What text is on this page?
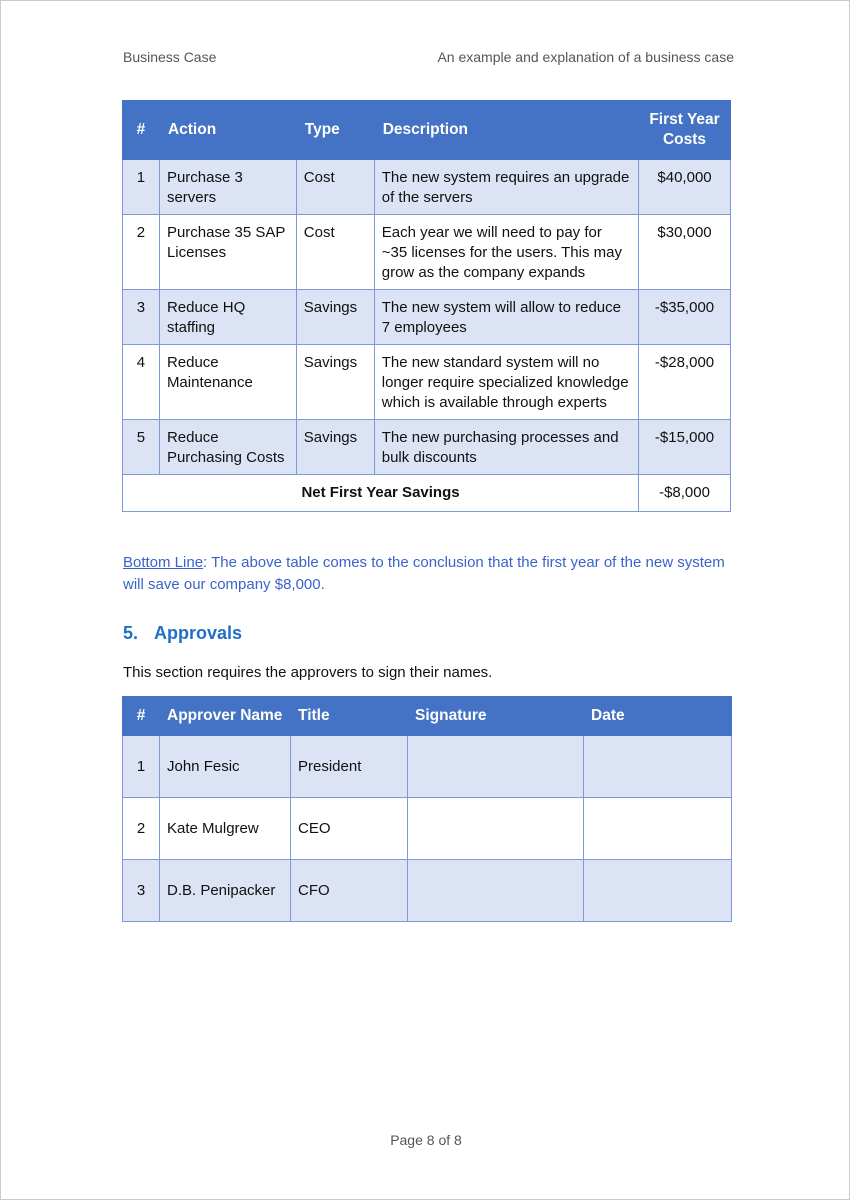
Business Case	An example and explanation of a business case
#	Action	Type	Description	First Year Costs
1	Purchase 3 servers	Cost	The new system requires an upgrade of the servers	$40,000
2	Purchase 35 SAP Licenses	Cost	Each year we will need to pay for ~35 licenses for the users. This may grow as the company expands	$30,000
3	Reduce HQ staffing	Savings	The new system will allow to reduce 7 employees	-$35,000
4	Reduce Maintenance	Savings	The new standard system will no longer require specialized knowledge which is available through experts	-$28,000
5	Reduce Purchasing Costs	Savings	The new purchasing processes and bulk discounts	-$15,000
Net First Year Savings				-$8,000
Bottom Line: The above table comes to the conclusion that the first year of the new system will save our company $8,000.
5. Approvals
This section requires the approvers to sign their names.
#	Approver Name	Title	Signature	Date
1	John Fesic	President		
2	Kate Mulgrew	CEO		
3	D.B. Penipacker	CFO		
Page 8 of 8
